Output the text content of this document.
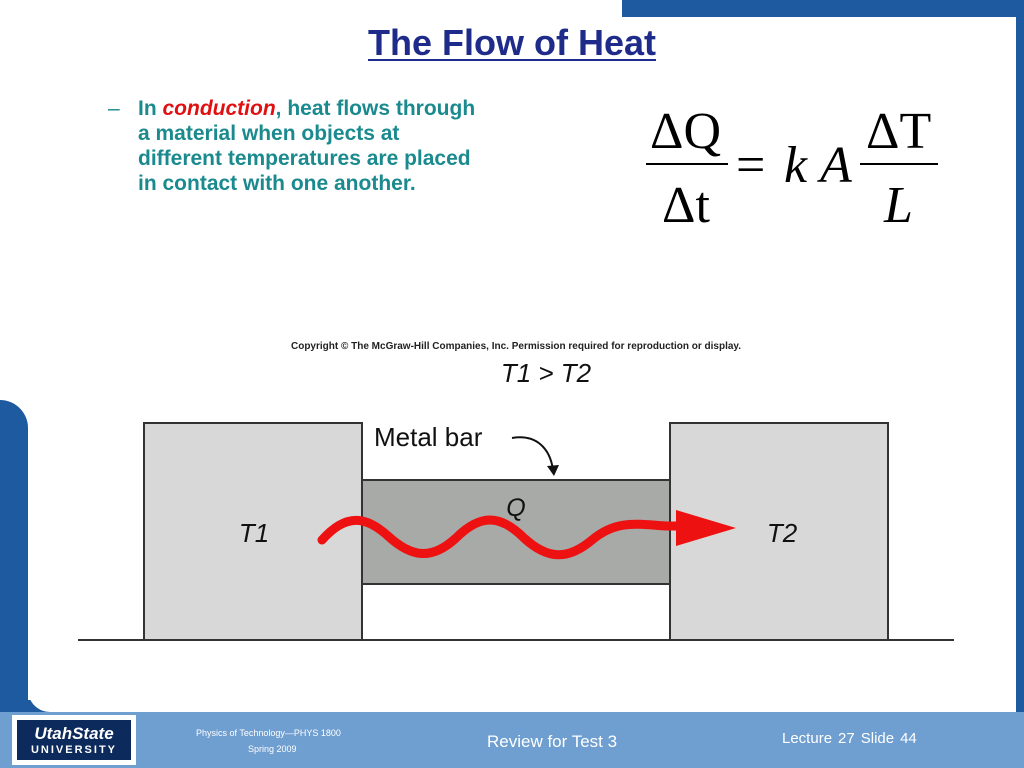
The Flow of Heat
– In conduction, heat flows through a material when objects at different temperatures are placed in contact with one another.
ΔQ
Δt
= k A
ΔT
L
T1 > T2
Metal bar
Q
T1	T2
Copyright © The McGraw-Hill Companies, Inc. Permission required for reproduction or display.
UtahState
UNIVERSITY
Physics of Technology—PHYS 1800
Spring 2009	Review for Test 3	Lecture 27 Slide 44
